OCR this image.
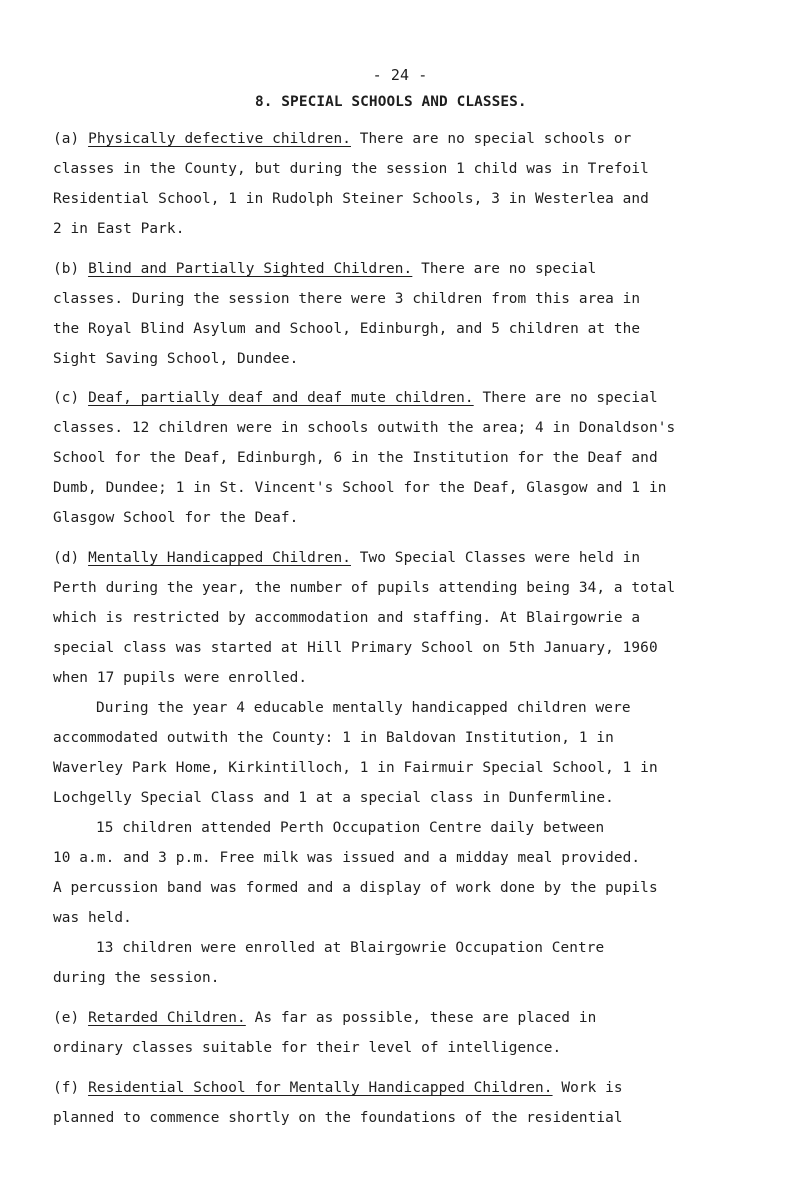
- 24 -
8. SPECIAL SCHOOLS AND CLASSES.
(a) Physically defective children. There are no special schools or
classes in the County, but during the session 1 child was in Trefoil
Residential School, 1 in Rudolph Steiner Schools, 3 in Westerlea and
2 in East Park.
(b) Blind and Partially Sighted Children. There are no special
classes. During the session there were 3 children from this area in
the Royal Blind Asylum and School, Edinburgh, and 5 children at the
Sight Saving School, Dundee.
(c) Deaf, partially deaf and deaf mute children. There are no special
classes. 12 children were in schools outwith the area; 4 in Donaldson's
School for the Deaf, Edinburgh, 6 in the Institution for the Deaf and
Dumb, Dundee; 1 in St. Vincent's School for the Deaf, Glasgow and 1 in
Glasgow School for the Deaf.
(d) Mentally Handicapped Children. Two Special Classes were held in
Perth during the year, the number of pupils attending being 34, a total
which is restricted by accommodation and staffing. At Blairgowrie a
special class was started at Hill Primary School on 5th January, 1960
when 17 pupils were enrolled.
During the year 4 educable mentally handicapped children were
accommodated outwith the County: 1 in Baldovan Institution, 1 in
Waverley Park Home, Kirkintilloch, 1 in Fairmuir Special School, 1 in
Lochgelly Special Class and 1 at a special class in Dunfermline.
15 children attended Perth Occupation Centre daily between
10 a.m. and 3 p.m. Free milk was issued and a midday meal provided.
A percussion band was formed and a display of work done by the pupils
was held.
13 children were enrolled at Blairgowrie Occupation Centre
during the session.
(e) Retarded Children. As far as possible, these are placed in
ordinary classes suitable for their level of intelligence.
(f) Residential School for Mentally Handicapped Children. Work is
planned to commence shortly on the foundations of the residential
